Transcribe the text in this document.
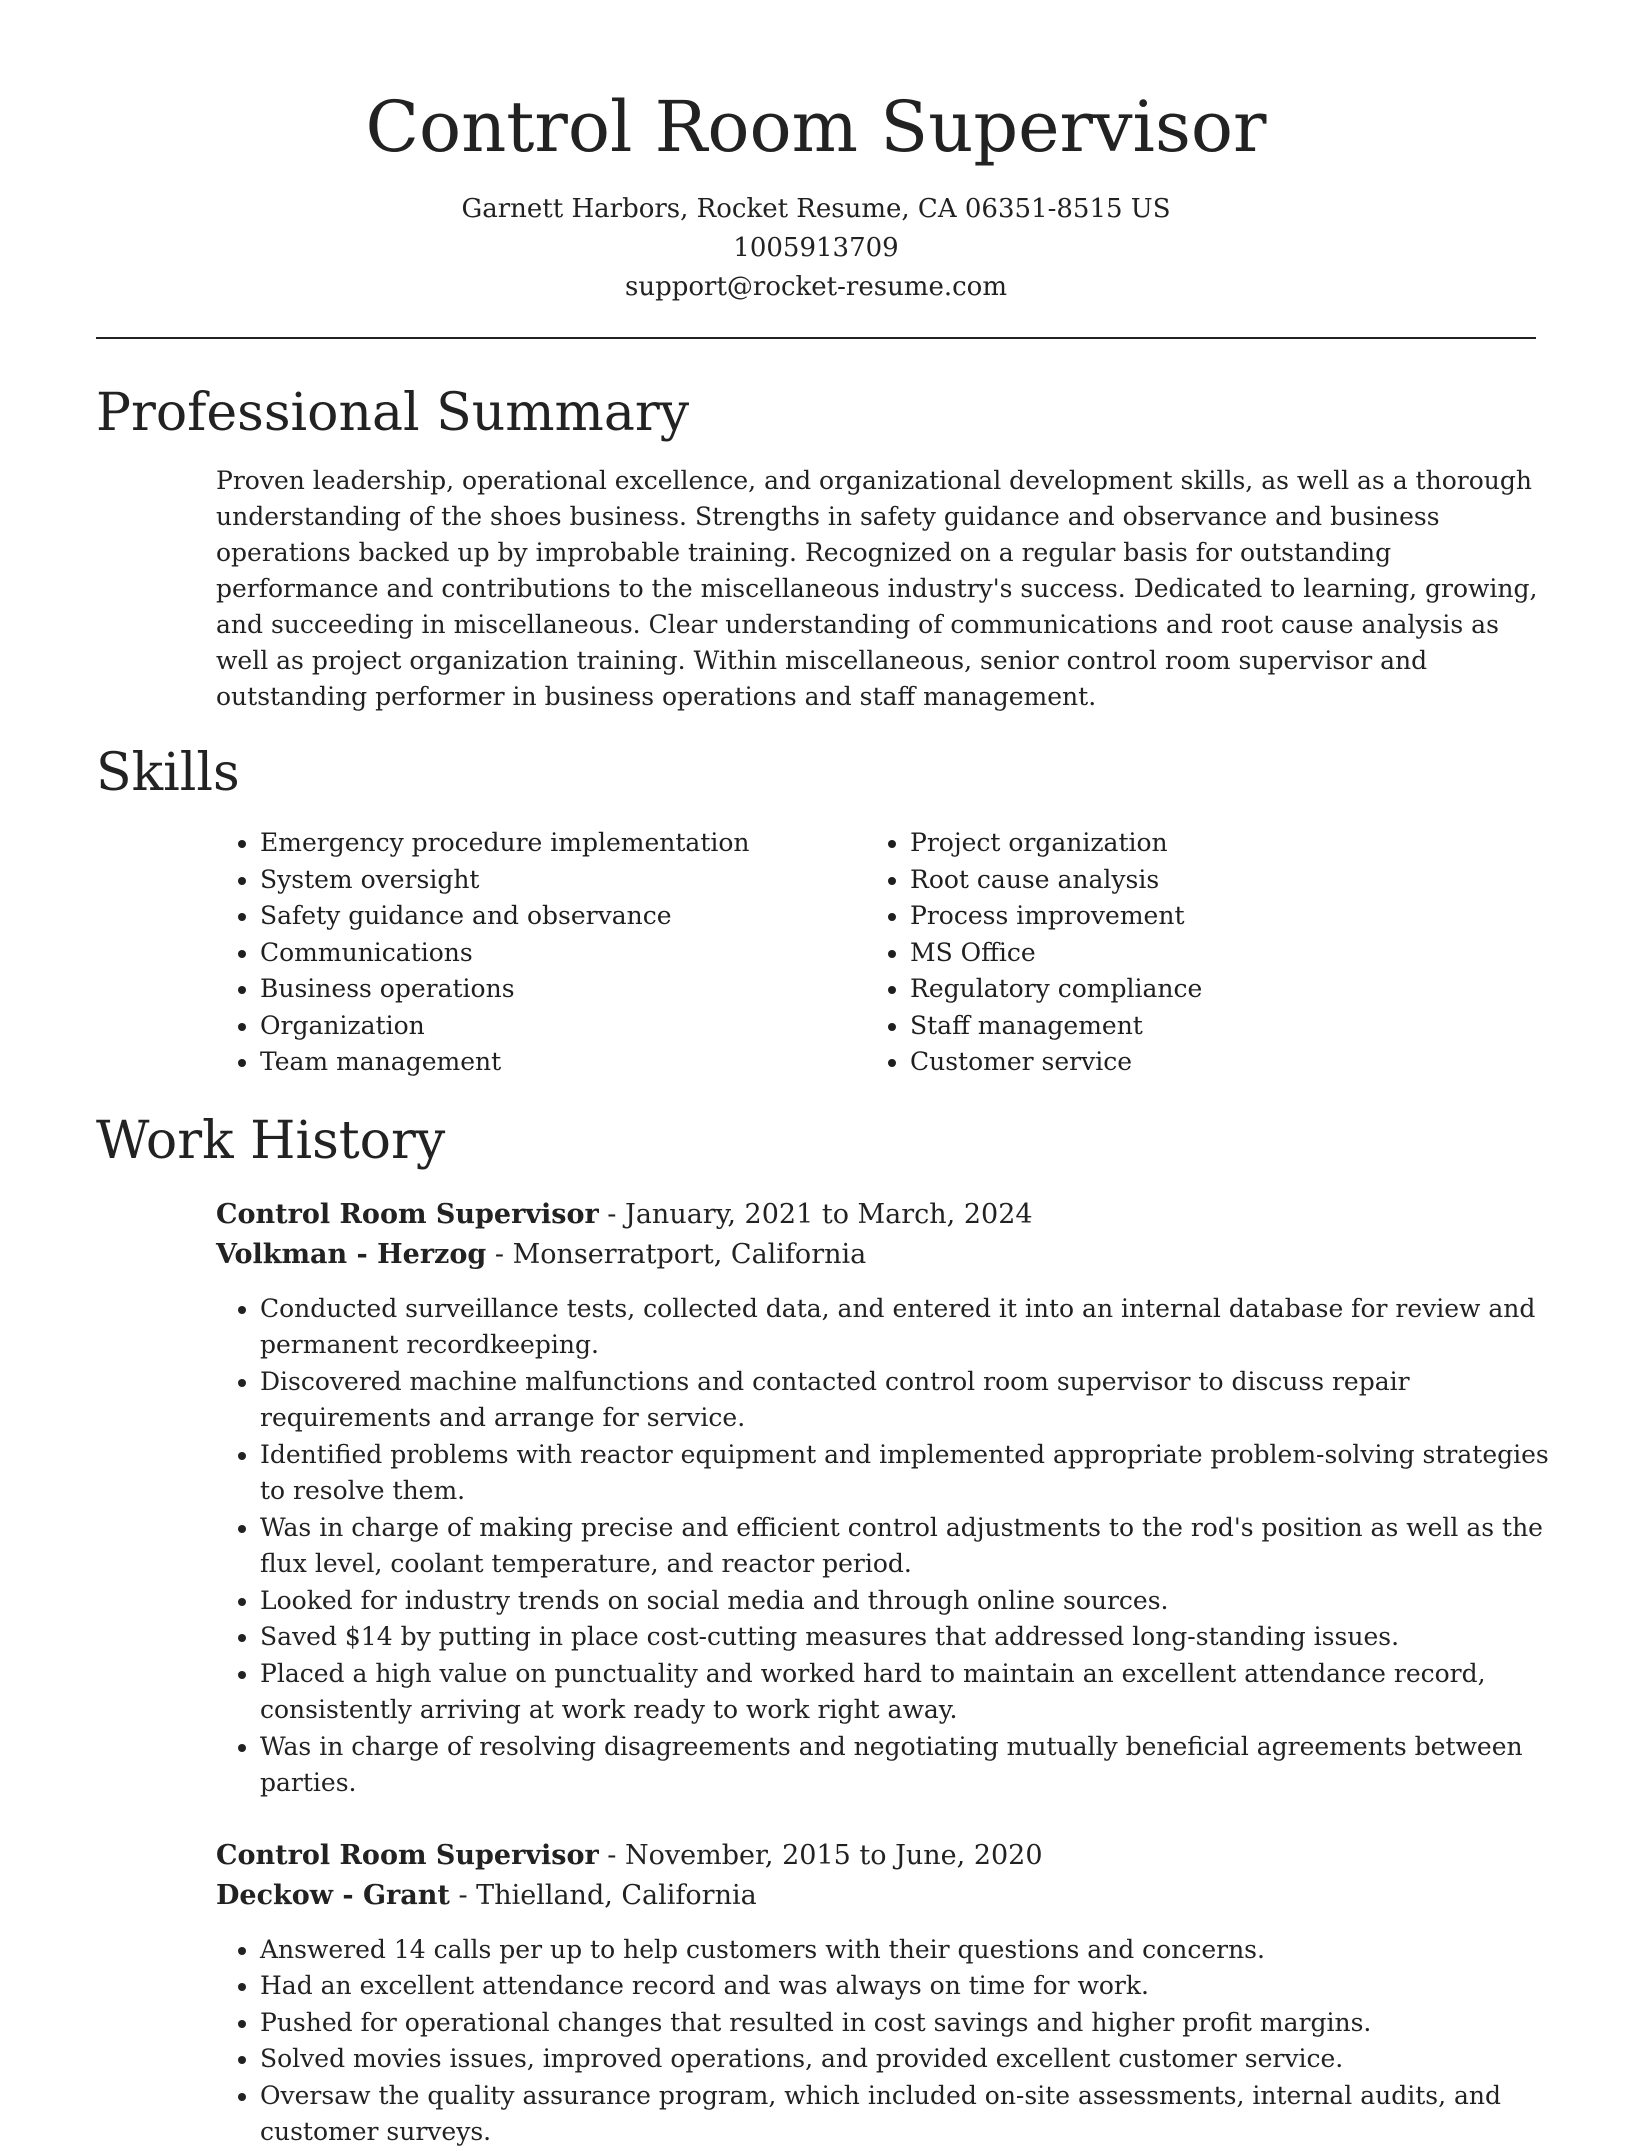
Control Room Supervisor
Garnett Harbors, Rocket Resume, CA 06351-8515 US
1005913709
support@rocket-resume.com
Professional Summary

Proven leadership, operational excellence, and organizational development skills, as well as a thorough understanding of the shoes business. Strengths in safety guidance and observance and business operations backed up by improbable training. Recognized on a regular basis for outstanding performance and contributions to the miscellaneous industry's success. Dedicated to learning, growing, and succeeding in miscellaneous. Clear understanding of communications and root cause analysis as well as project organization training. Within miscellaneous, senior control room supervisor and outstanding performer in business operations and staff management.

Skills
• Emergency procedure implementation
• System oversight
• Safety guidance and observance
• Communications
• Business operations
• Organization
• Team management
• Project organization
• Root cause analysis
• Process improvement
• MS Office
• Regulatory compliance
• Staff management
• Customer service
Work History
Control Room Supervisor - January, 2021 to March, 2024
Volkman - Herzog - Monserratport, California
• Conducted surveillance tests, collected data, and entered it into an internal database for review and permanent recordkeeping.
• Discovered machine malfunctions and contacted control room supervisor to discuss repair requirements and arrange for service.
• Identified problems with reactor equipment and implemented appropriate problem-solving strategies to resolve them.
• Was in charge of making precise and efficient control adjustments to the rod's position as well as the flux level, coolant temperature, and reactor period.
• Looked for industry trends on social media and through online sources.
• Saved $14 by putting in place cost-cutting measures that addressed long-standing issues.
• Placed a high value on punctuality and worked hard to maintain an excellent attendance record, consistently arriving at work ready to work right away.
• Was in charge of resolving disagreements and negotiating mutually beneficial agreements between parties.
Control Room Supervisor - November, 2015 to June, 2020
Deckow - Grant - Thielland, California
• Answered 14 calls per up to help customers with their questions and concerns.
• Had an excellent attendance record and was always on time for work.
• Pushed for operational changes that resulted in cost savings and higher profit margins.
• Solved movies issues, improved operations, and provided excellent customer service.
• Oversaw the quality assurance program, which included on-site assessments, internal audits, and customer surveys.
